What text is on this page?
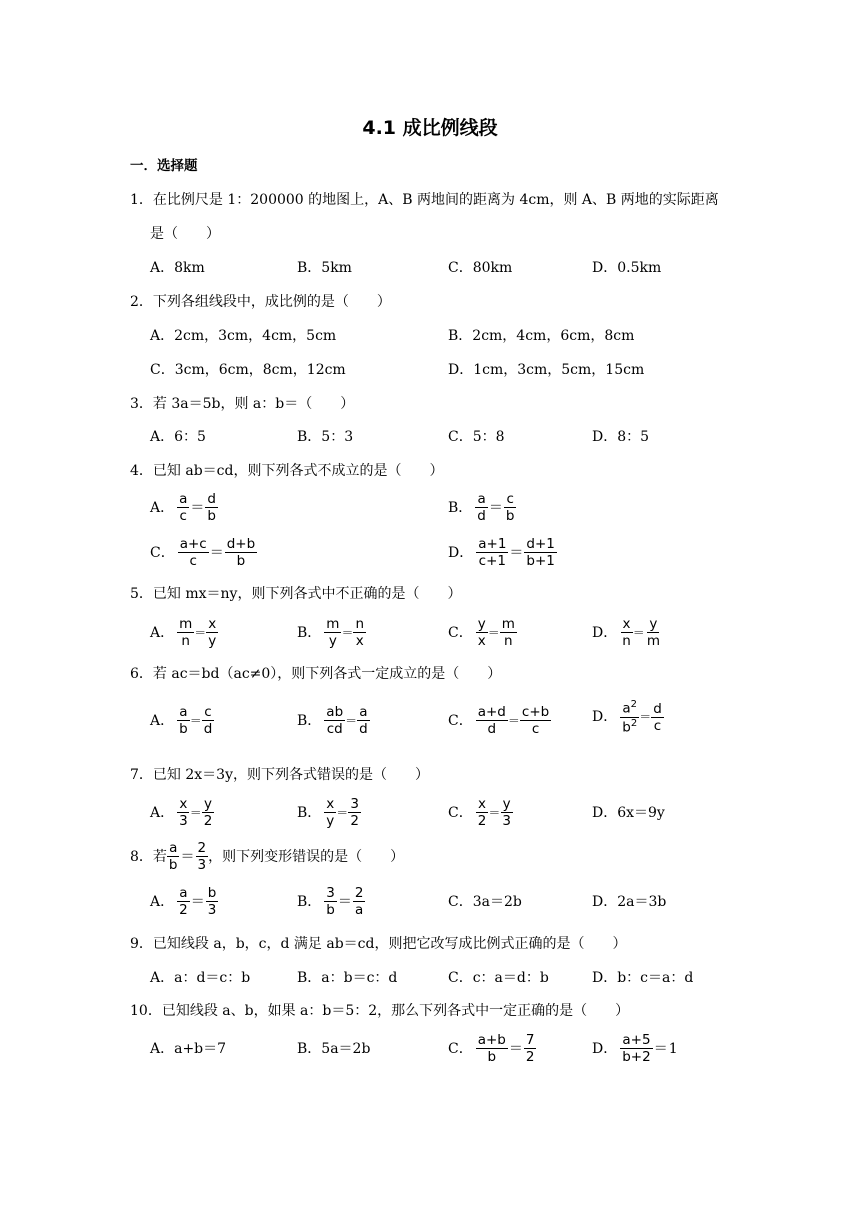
4.1 成比例线段
一．选择题
1．在比例尺是 1：200000 的地图上，A、B 两地间的距离为 4cm，则 A、B 两地的实际距离
是（　　）
A．8km	B．5km	C．80km	D．0.5km
2．下列各组线段中，成比例的是（　　）
A．2cm，3cm，4cm，5cm	B．2cm，4cm，6cm，8cm
C．3cm，6cm，8cm，12cm	D．1cm，3cm，5cm，15cm
3．若 3a＝5b，则 a：b＝（　　）
A．6：5	B．5：3	C．5：8	D．8：5
4．已知 ab＝cd，则下列各式不成立的是（　　）
A． $\frac{a}{c} = \frac{d}{b}$	B． $\frac{a}{d} = \frac{c}{b}$
C． $\frac{a+c}{c} = \frac{d+b}{b}$	D． $\frac{a+1}{c+1} = \frac{d+1}{b+1}$
5．已知 mx＝ny，则下列各式中不正确的是（　　）
A． $\frac{m}{n} = \frac{x}{y}$	B． $\frac{m}{y} = \frac{n}{x}$	C． $\frac{y}{x} = \frac{m}{n}$	D． $\frac{x}{n} = \frac{y}{m}$
6．若 ac＝bd（ac≠0），则下列各式一定成立的是（　　）
A． $\frac{a}{b} = \frac{c}{d}$	B． $\frac{ab}{cd} = \frac{a}{d}$	C． $\frac{a+d}{d} = \frac{c+b}{c}$	D． $\frac{a^2}{b^2} = \frac{d}{c}$
7．已知 2x＝3y，则下列各式错误的是（　　）
A． $\frac{x}{3} = \frac{y}{2}$	B． $\frac{x}{y} = \frac{3}{2}$	C． $\frac{x}{2} = \frac{y}{3}$	D．6x＝9y
8．若 $\frac{a}{b} = \frac{2}{3}$ ，则下列变形错误的是（　　）
A． $\frac{a}{2} = \frac{b}{3}$	B． $\frac{3}{b} = \frac{2}{a}$	C．3a＝2b	D．2a＝3b
9．已知线段 a，b，c，d 满足 ab＝cd，则把它改写成比例式正确的是（　　）
A．a：d＝c：b	B．a：b＝c：d	C．c：a＝d：b	D．b：c＝a：d
10．已知线段 a、b，如果 a：b＝5：2，那么下列各式中一定正确的是（　　）
A．a+b＝7	B．5a＝2b	C． $\frac{a+b}{b} = \frac{7}{2}$	D． $\frac{a+5}{b+2} = 1$
